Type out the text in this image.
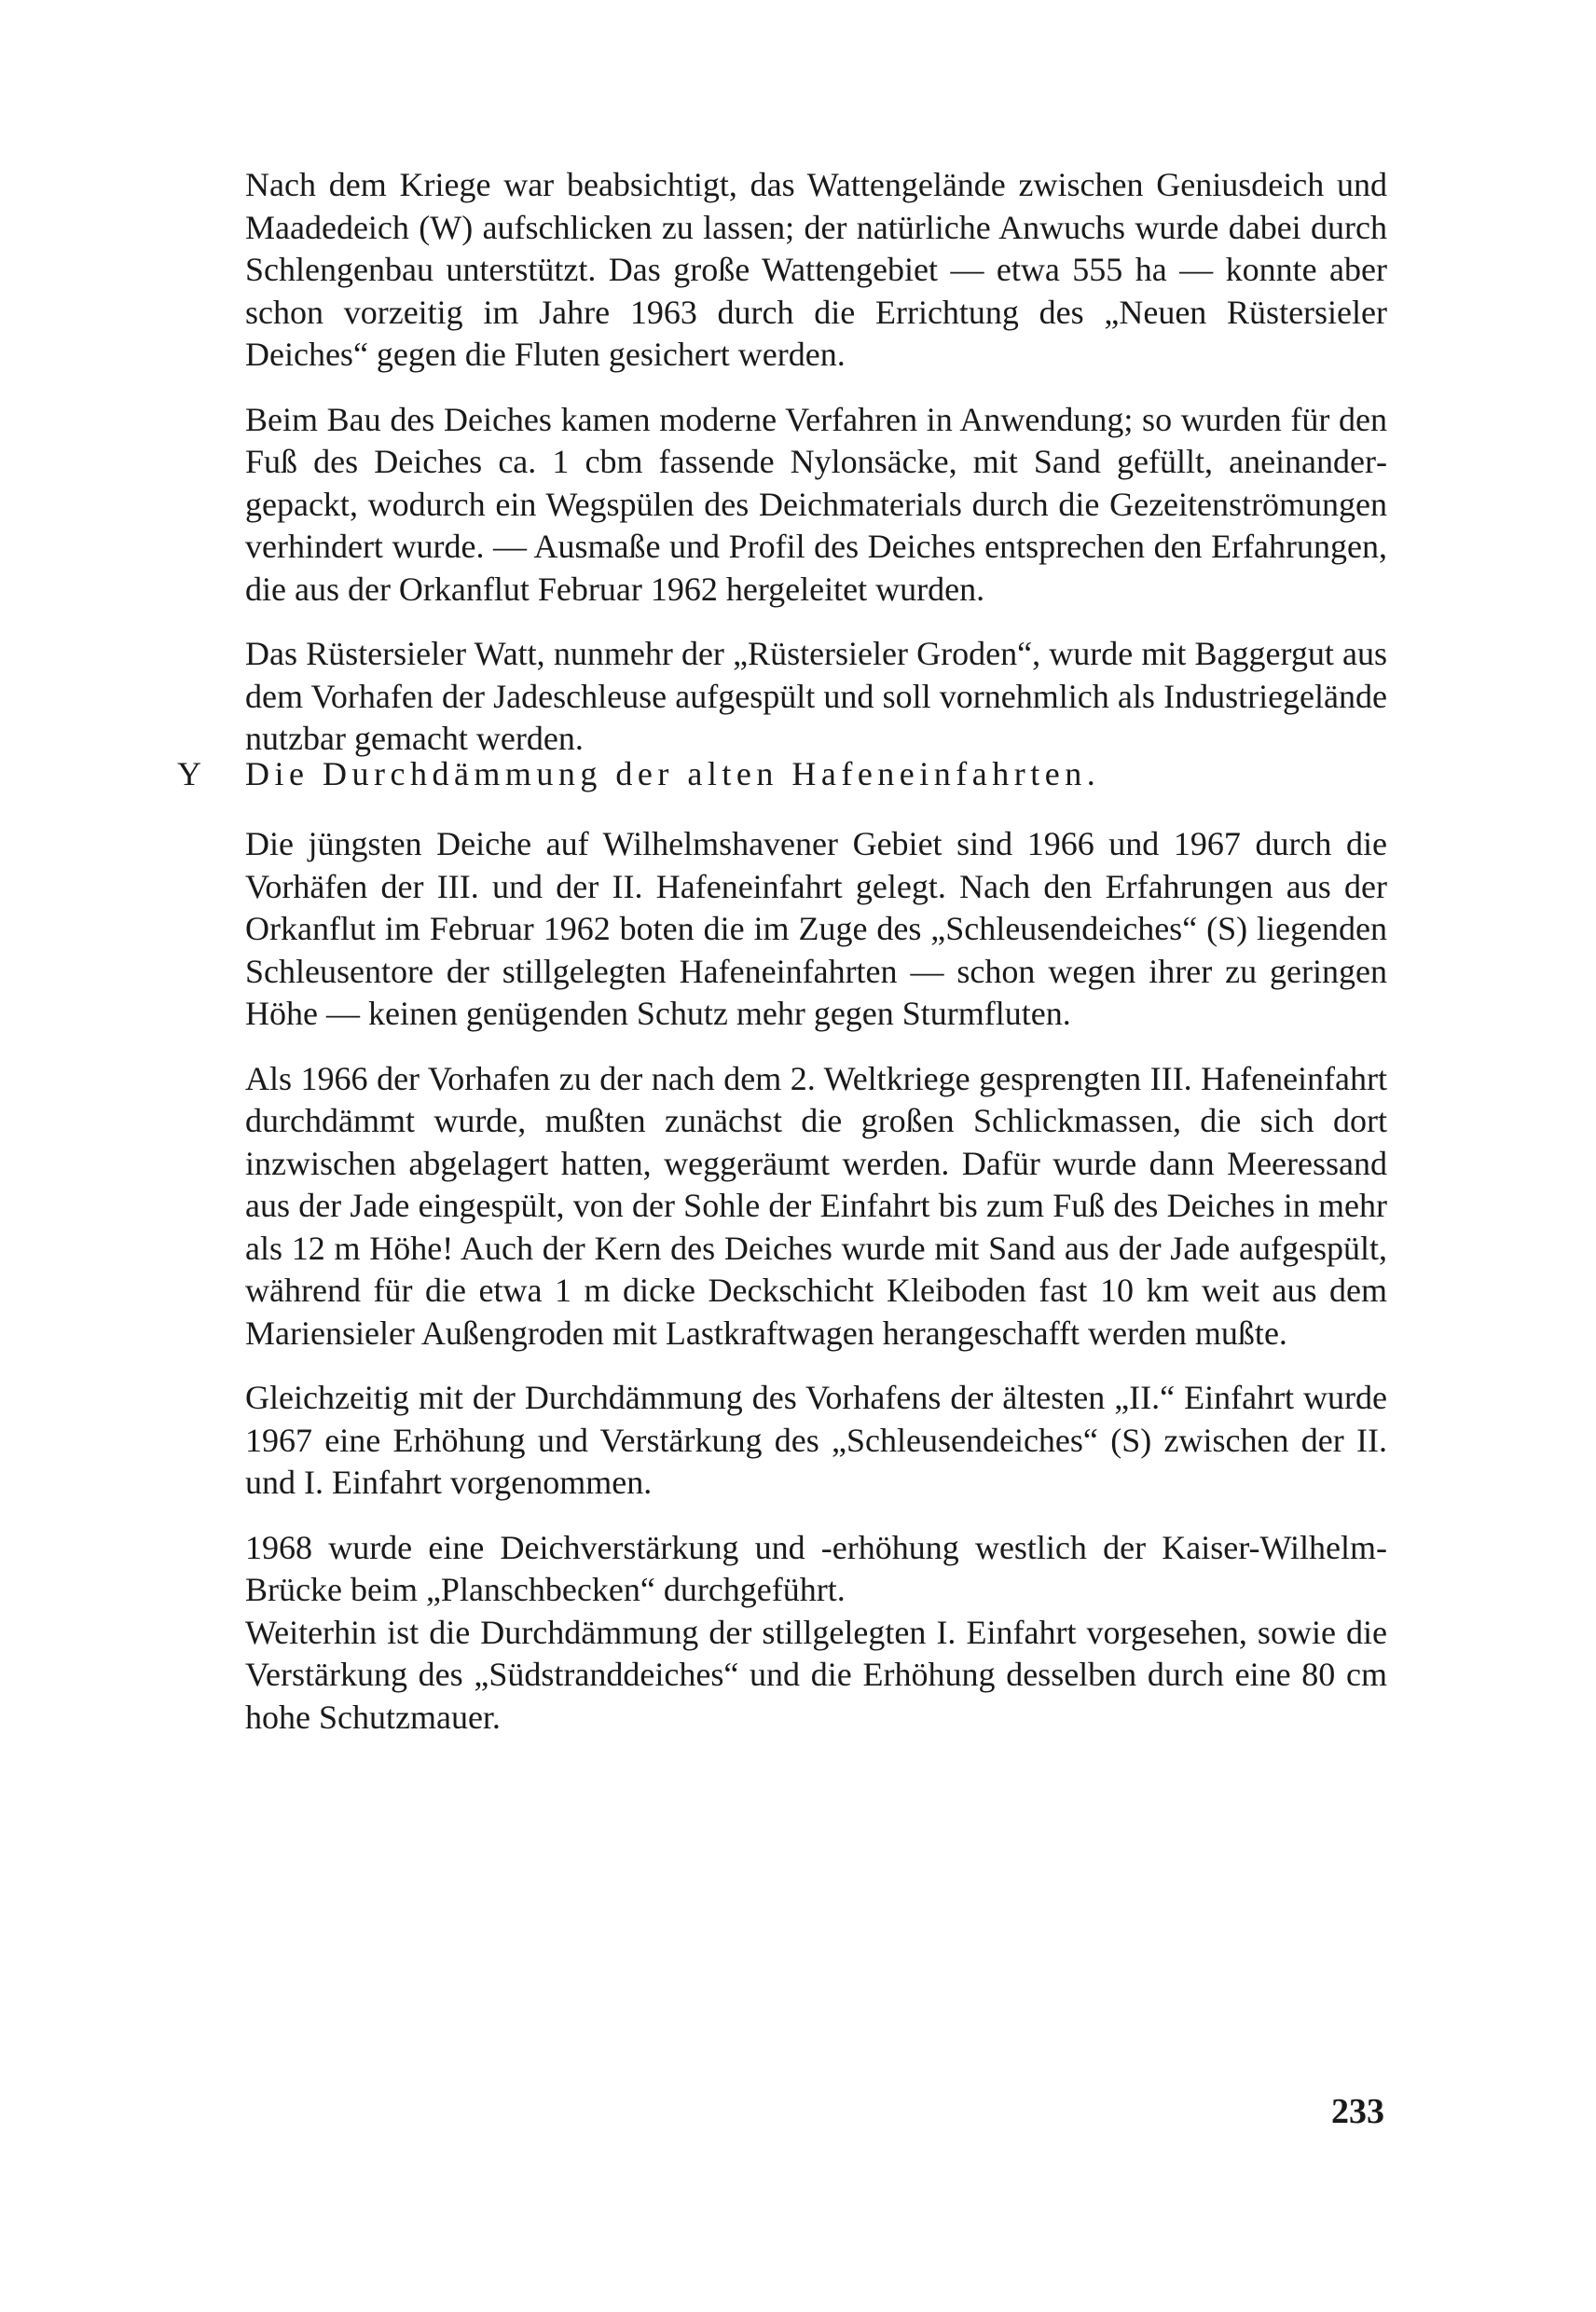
Nach dem Kriege war beabsichtigt, das Wattengelände zwischen Geniusdeich und Maadedeich (W) aufschlicken zu lassen; der natürliche Anwuchs wurde dabei durch Schlengenbau unterstützt. Das große Wattengebiet — etwa 555 ha — konnte aber schon vorzeitig im Jahre 1963 durch die Errichtung des „Neuen Rüstersieler Deiches“ gegen die Fluten gesichert werden.

Beim Bau des Deiches kamen moderne Verfahren in Anwendung; so wurden für den Fuß des Deiches ca. 1 cbm fassende Nylonsäcke, mit Sand gefüllt, aneinandergepackt, wodurch ein Wegspülen des Deichmaterials durch die Gezeitenströmungen verhindert wurde. — Ausmaße und Profil des Deiches entsprechen den Erfahrungen, die aus der Orkanflut Februar 1962 hergeleitet wurden.

Das Rüstersieler Watt, nunmehr der „Rüstersieler Groden“, wurde mit Baggergut aus dem Vorhafen der Jadeschleuse aufgespült und soll vornehmlich als Industriegelände nutzbar gemacht werden.

Y Die Durchdämmung der alten Hafeneinfahrten.

Die jüngsten Deiche auf Wilhelmshavener Gebiet sind 1966 und 1967 durch die Vorhäfen der III. und der II. Hafeneinfahrt gelegt. Nach den Erfahrungen aus der Orkanflut im Februar 1962 boten die im Zuge des „Schleusendeiches“ (S) liegenden Schleusentore der stillgelegten Hafeneinfahrten — schon wegen ihrer zu geringen Höhe — keinen genügenden Schutz mehr gegen Sturmfluten.

Als 1966 der Vorhafen zu der nach dem 2. Weltkriege gesprengten III. Hafeneinfahrt durchdämmt wurde, mußten zunächst die großen Schlickmassen, die sich dort inzwischen abgelagert hatten, weggeräumt werden. Dafür wurde dann Meeressand aus der Jade eingespült, von der Sohle der Einfahrt bis zum Fuß des Deiches in mehr als 12 m Höhe! Auch der Kern des Deiches wurde mit Sand aus der Jade aufgespült, während für die etwa 1 m dicke Deckschicht Kleiboden fast 10 km weit aus dem Mariensieler Außengroden mit Lastkraftwagen herangeschafft werden mußte.

Gleichzeitig mit der Durchdämmung des Vorhafens der ältesten „II.“ Einfahrt wurde 1967 eine Erhöhung und Verstärkung des „Schleusendeiches“ (S) zwischen der II. und I. Einfahrt vorgenommen.

1968 wurde eine Deichverstärkung und -erhöhung westlich der Kaiser-Wilhelm-Brücke beim „Planschbecken“ durchgeführt.

Weiterhin ist die Durchdämmung der stillgelegten I. Einfahrt vorgesehen, sowie die Verstärkung des „Südstranddeiches“ und die Erhöhung desselben durch eine 80 cm hohe Schutzmauer.

233
